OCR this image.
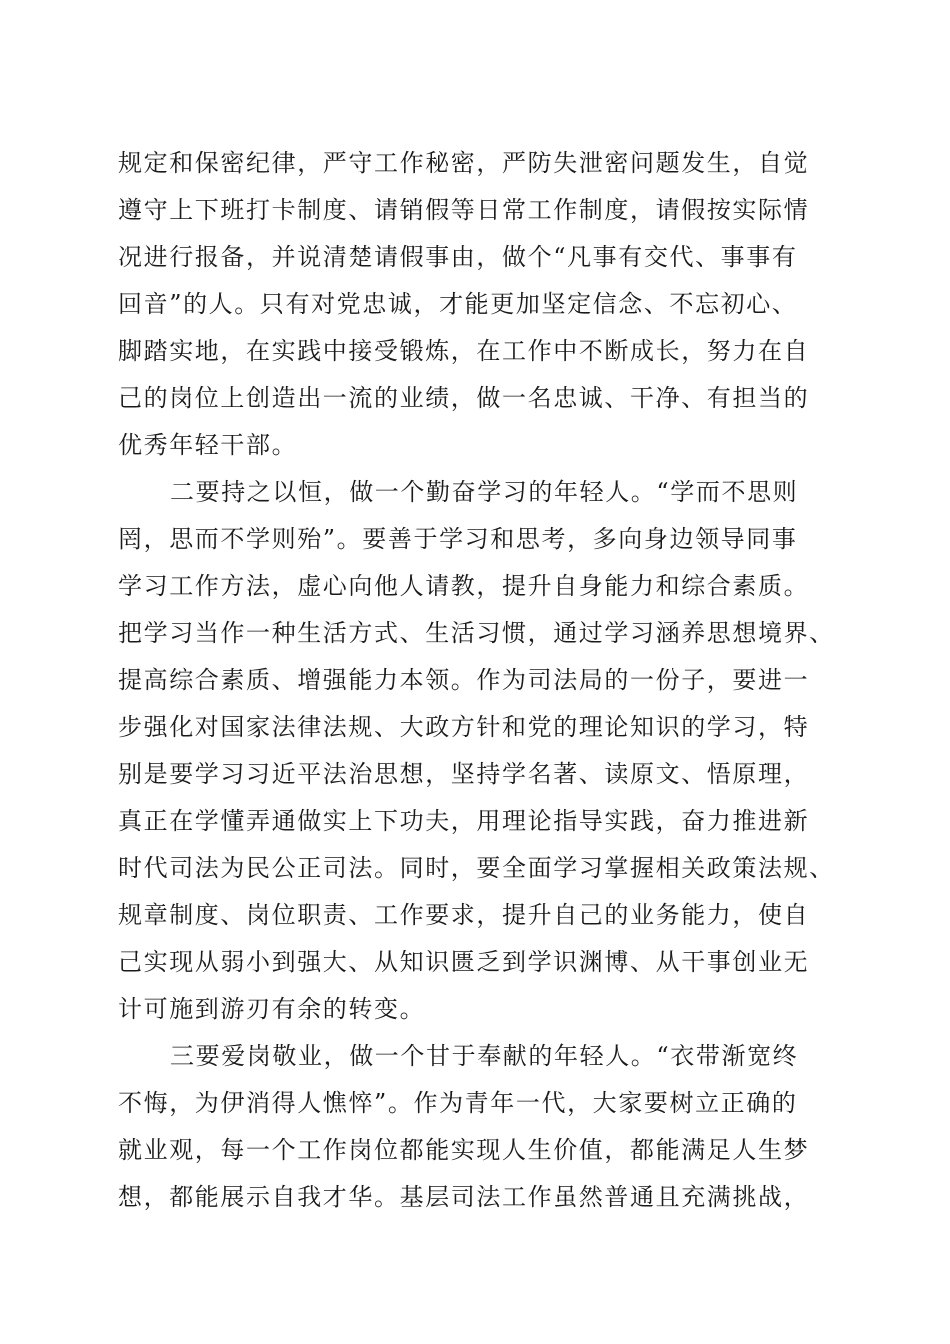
规定和保密纪律，严守工作秘密，严防失泄密问题发生，自觉
遵守上下班打卡制度、请销假等日常工作制度，请假按实际情
况进行报备，并说清楚请假事由，做个“凡事有交代、事事有
回音”的人。只有对党忠诚，才能更加坚定信念、不忘初心、
脚踏实地，在实践中接受锻炼，在工作中不断成长，努力在自
己的岗位上创造出一流的业绩，做一名忠诚、干净、有担当的
优秀年轻干部。
二要持之以恒，做一个勤奋学习的年轻人。“学而不思则
罔，思而不学则殆”。要善于学习和思考，多向身边领导同事
学习工作方法，虚心向他人请教，提升自身能力和综合素质。
把学习当作一种生活方式、生活习惯，通过学习涵养思想境界、
提高综合素质、增强能力本领。作为司法局的一份子，要进一
步强化对国家法律法规、大政方针和党的理论知识的学习，特
别是要学习习近平法治思想，坚持学名著、读原文、悟原理，
真正在学懂弄通做实上下功夫，用理论指导实践，奋力推进新
时代司法为民公正司法。同时，要全面学习掌握相关政策法规、
规章制度、岗位职责、工作要求，提升自己的业务能力，使自
己实现从弱小到强大、从知识匮乏到学识渊博、从干事创业无
计可施到游刃有余的转变。
三要爱岗敬业，做一个甘于奉献的年轻人。“衣带渐宽终
不悔，为伊消得人憔悴”。作为青年一代，大家要树立正确的
就业观，每一个工作岗位都能实现人生价值，都能满足人生梦
想，都能展示自我才华。基层司法工作虽然普通且充满挑战，
